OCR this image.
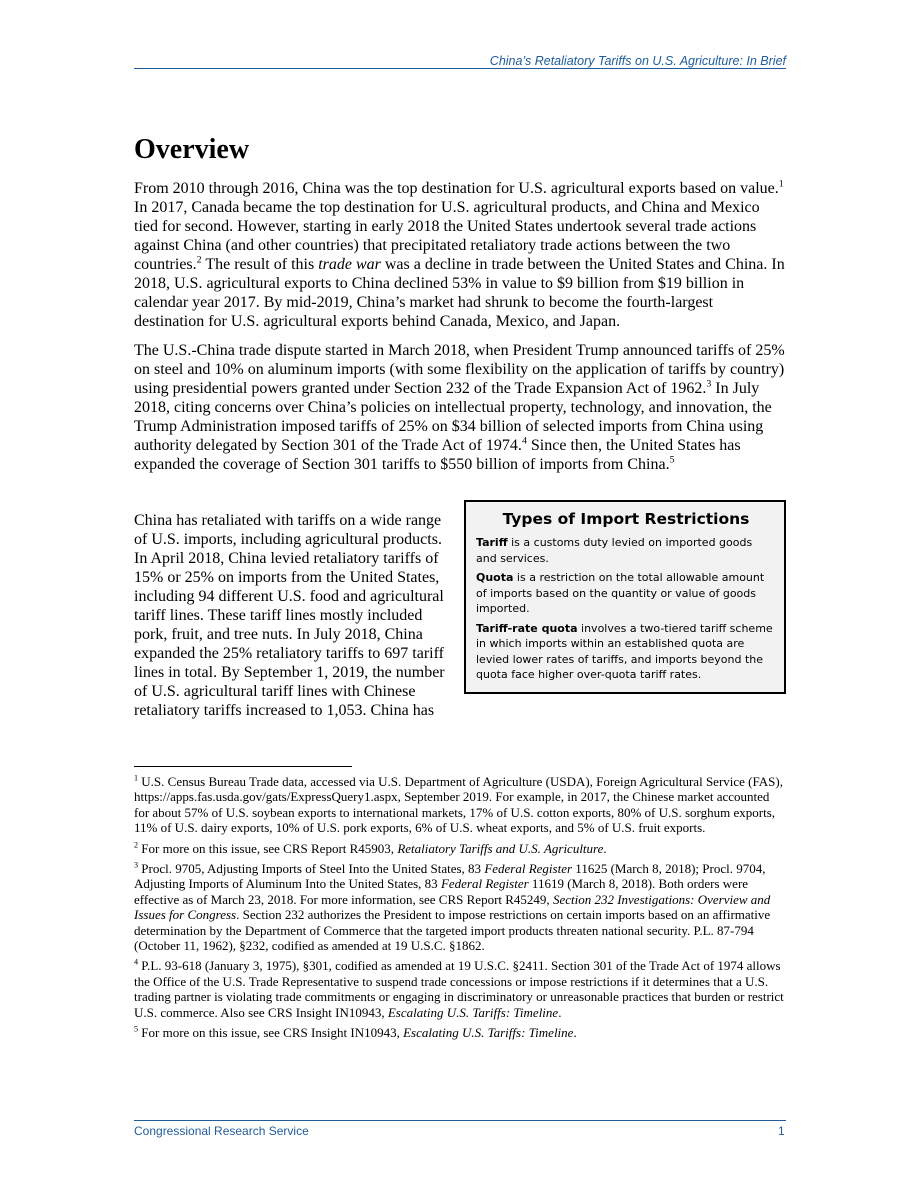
China’s Retaliatory Tariffs on U.S. Agriculture: In Brief
Overview

From 2010 through 2016, China was the top destination for U.S. agricultural exports based on value.$^1$ In 2017, Canada became the top destination for U.S. agricultural products, and China and Mexico tied for second. However, starting in early 2018 the United States undertook several trade actions against China (and other countries) that precipitated retaliatory trade actions between the two countries.$^2$ The result of this trade war was a decline in trade between the United States and China. In 2018, U.S. agricultural exports to China declined 53% in value to $9 billion from $19 billion in calendar year 2017. By mid-2019, China’s market had shrunk to become the fourth-largest destination for U.S. agricultural exports behind Canada, Mexico, and Japan.

The U.S.-China trade dispute started in March 2018, when President Trump announced tariffs of 25% on steel and 10% on aluminum imports (with some flexibility on the application of tariffs by country) using presidential powers granted under Section 232 of the Trade Expansion Act of 1962.$^3$ In July 2018, citing concerns over China’s policies on intellectual property, technology, and innovation, the Trump Administration imposed tariffs of 25% on $34 billion of selected imports from China using authority delegated by Section 301 of the Trade Act of 1974.$^4$ Since then, the United States has expanded the coverage of Section 301 tariffs to $550 billion of imports from China.$^5$

Types of Import Restrictions

Tariff is a customs duty levied on imported goods and services.

Quota is a restriction on the total allowable amount of imports based on the quantity or value of goods imported.

Tariff-rate quota involves a two-tiered tariff scheme in which imports within an established quota are levied lower rates of tariffs, and imports beyond the quota face higher over-quota tariff rates.

China has retaliated with tariffs on a wide range of U.S. imports, including agricultural products. In April 2018, China levied retaliatory tariffs of 15% or 25% on imports from the United States, including 94 different U.S. food and agricultural tariff lines. These tariff lines mostly included pork, fruit, and tree nuts. In July 2018, China expanded the 25% retaliatory tariffs to 697 tariff lines in total. By September 1, 2019, the number of U.S. agricultural tariff lines with Chinese retaliatory tariffs increased to 1,053. China has

$^1$ U.S. Census Bureau Trade data, accessed via U.S. Department of Agriculture (USDA), Foreign Agricultural Service (FAS), https://apps.fas.usda.gov/gats/ExpressQuery1.aspx, September 2019. For example, in 2017, the Chinese market accounted for about 57% of U.S. soybean exports to international markets, 17% of U.S. cotton exports, 80% of U.S. sorghum exports, 11% of U.S. dairy exports, 10% of U.S. pork exports, 6% of U.S. wheat exports, and 5% of U.S. fruit exports.

$^2$ For more on this issue, see CRS Report R45903, Retaliatory Tariffs and U.S. Agriculture.

$^3$ Procl. 9705, Adjusting Imports of Steel Into the United States, 83 Federal Register 11625 (March 8, 2018); Procl. 9704, Adjusting Imports of Aluminum Into the United States, 83 Federal Register 11619 (March 8, 2018). Both orders were effective as of March 23, 2018. For more information, see CRS Report R45249, Section 232 Investigations: Overview and Issues for Congress. Section 232 authorizes the President to impose restrictions on certain imports based on an affirmative determination by the Department of Commerce that the targeted import products threaten national security. P.L. 87-794 (October 11, 1962), §232, codified as amended at 19 U.S.C. §1862.

$^4$ P.L. 93-618 (January 3, 1975), §301, codified as amended at 19 U.S.C. §2411. Section 301 of the Trade Act of 1974 allows the Office of the U.S. Trade Representative to suspend trade concessions or impose restrictions if it determines that a U.S. trading partner is violating trade commitments or engaging in discriminatory or unreasonable practices that burden or restrict U.S. commerce. Also see CRS Insight IN10943, Escalating U.S. Tariffs: Timeline.

$^5$ For more on this issue, see CRS Insight IN10943, Escalating U.S. Tariffs: Timeline.

Congressional Research Service	1
